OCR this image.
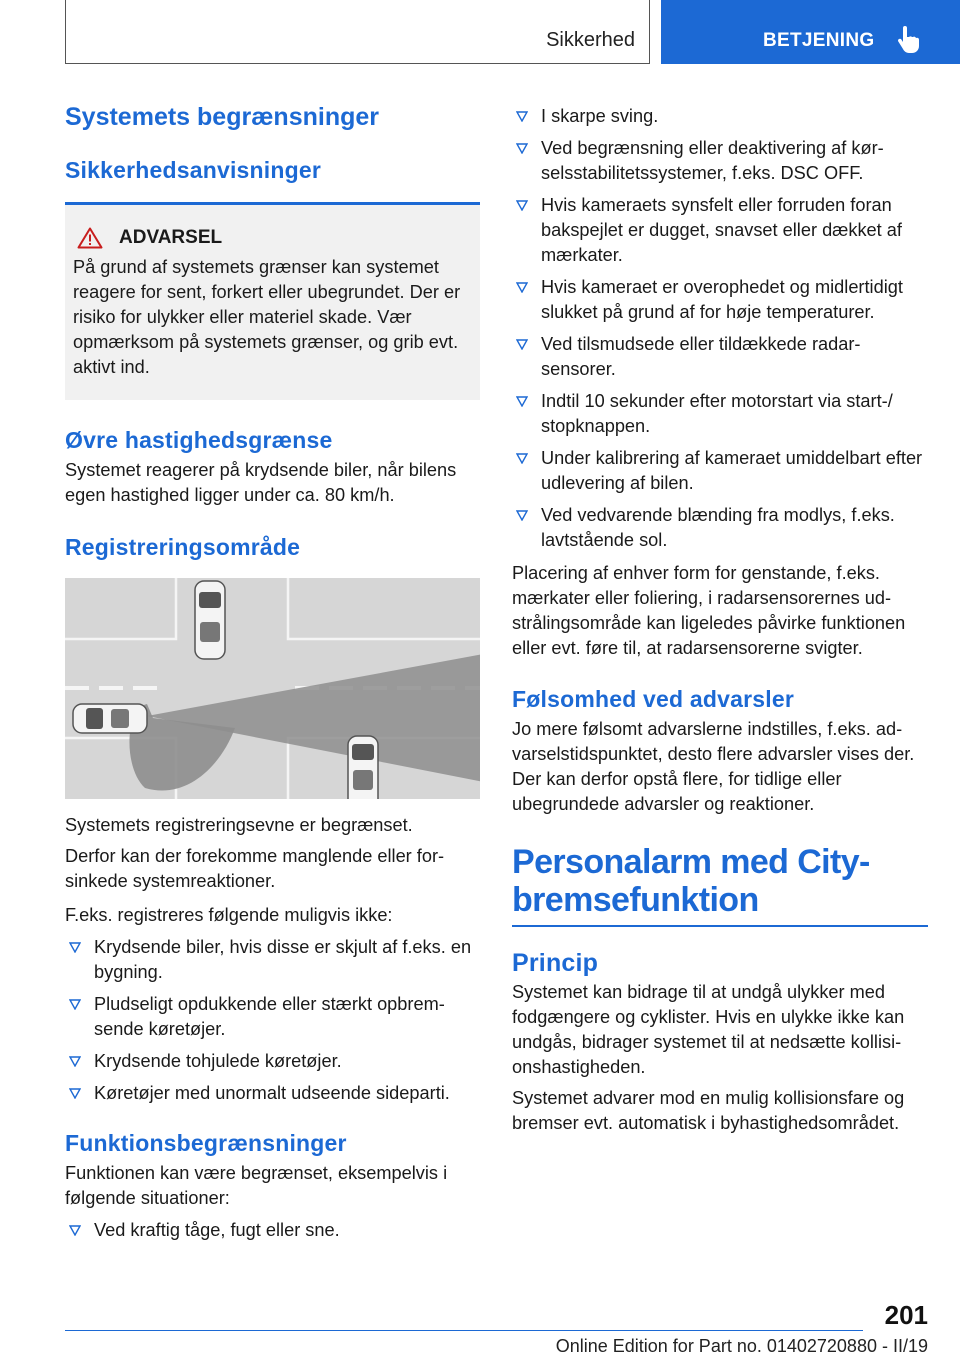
Sikkerhed	BETJENING
Systemets begrænsninger
Sikkerhedsanvisninger
ADVARSEL
På grund af systemets grænser kan systemet reagere for sent, forkert eller ubegrundet. Der er risiko for ulykker eller materiel skade. Vær opmærksom på systemets grænser, og grib evt. aktivt ind.
Øvre hastighedsgrænse
Systemet reagerer på krydsende biler, når bilens egen hastighed ligger under ca. 80 km/h.
Registreringsområde
Systemets registreringsevne er begrænset.
Derfor kan der forekomme manglende eller forsinkede systemreaktioner.
F.eks. registreres følgende muligvis ikke:
Krydsende biler, hvis disse er skjult af f.eks. en bygning.
Pludseligt opdukkende eller stærkt opbremsende køretøjer.
Krydsende tohjulede køretøjer.
Køretøjer med unormalt udseende sideparti.
Funktionsbegrænsninger
Funktionen kan være begrænset, eksempelvis i følgende situationer:
Ved kraftig tåge, fugt eller sne.
I skarpe sving.
Ved begrænsning eller deaktivering af kørselsstabilitetssystemer, f.eks. DSC OFF.
Hvis kameraets synsfelt eller forruden foran bakspejlet er dugget, snavset eller dækket af mærkater.
Hvis kameraet er overophedet og midlertidigt slukket på grund af for høje temperaturer.
Ved tilsmudsede eller tildækkede radarsensorer.
Indtil 10 sekunder efter motorstart via start-/ stopknappen.
Under kalibrering af kameraet umiddelbart efter udlevering af bilen.
Ved vedvarende blænding fra modlys, f.eks. lavtstående sol.
Placering af enhver form for genstande, f.eks. mærkater eller foliering, i radarsensorernes udstrålingsområde kan ligeledes påvirke funktionen eller evt. føre til, at radarsensorerne svigter.
Følsomhed ved advarsler
Jo mere følsomt advarslerne indstilles, f.eks. advarselstidspunktet, desto flere advarsler vises der. Der kan derfor opstå flere, for tidlige eller ubegrundede advarsler og reaktioner.
Personalarm med City-bremsefunktion
Princip
Systemet kan bidrage til at undgå ulykker med fodgængere og cyklister. Hvis en ulykke ikke kan undgås, bidrager systemet til at nedsætte kollisionshastigheden.
Systemet advarer mod en mulig kollisionsfare og bremser evt. automatisk i byhastighedsområdet.
201
Online Edition for Part no. 01402720880 - II/19
